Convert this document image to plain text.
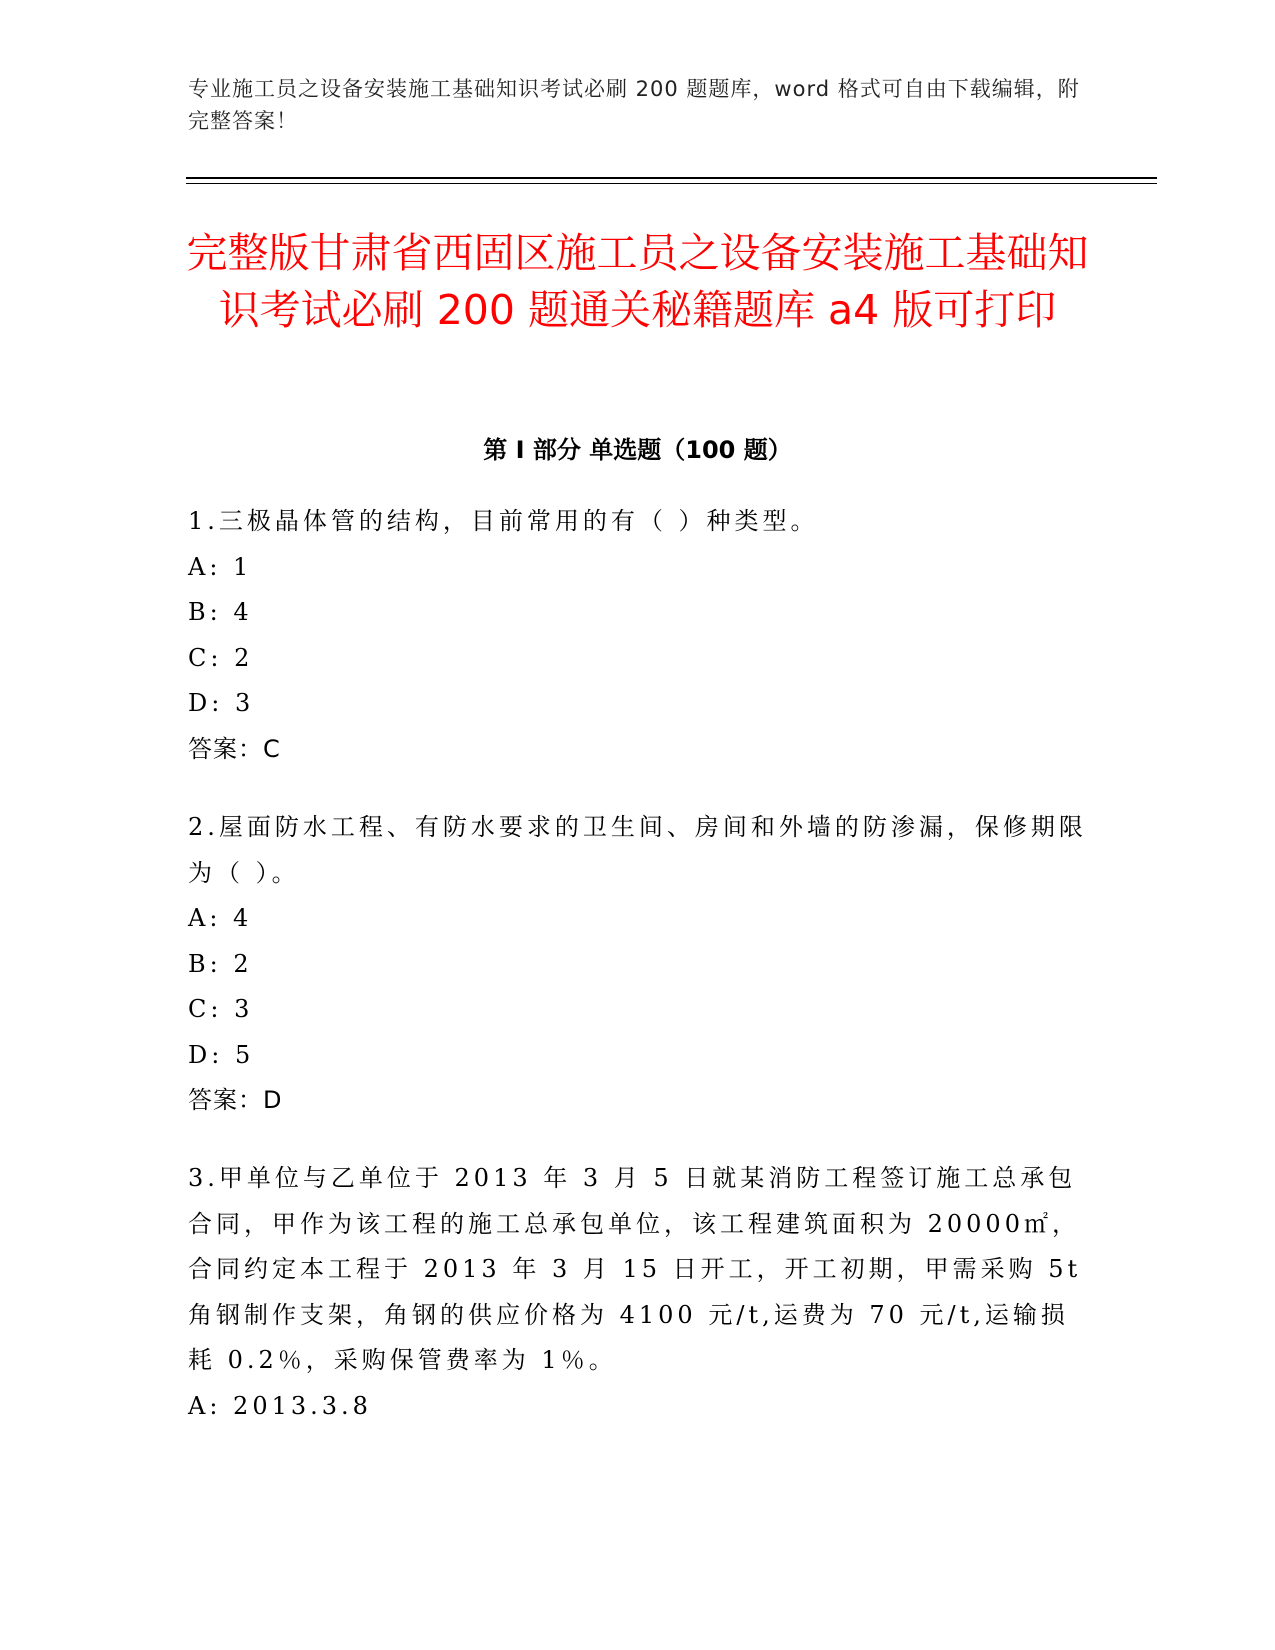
专业施工员之设备安装施工基础知识考试必刷 200 题题库，word 格式可自由下载编辑，附完整答案！
完整版甘肃省西固区施工员之设备安装施工基础知识考试必刷 200 题通关秘籍题库 a4 版可打印
第 I 部分 单选题（100 题）
1.三极晶体管的结构，目前常用的有（ ）种类型。
A: 1
B: 4
C: 2
D: 3
答案：C
2.屋面防水工程、有防水要求的卫生间、房间和外墙的防渗漏，保修期限为（ ）。
A: 4
B: 2
C: 3
D: 5
答案：D
3.甲单位与乙单位于 2013 年 3 月 5 日就某消防工程签订施工总承包合同，甲作为该工程的施工总承包单位，该工程建筑面积为 20000㎡，合同约定本工程于 2013 年 3 月 15 日开工，开工初期，甲需采购 5t 角钢制作支架，角钢的供应价格为 4100 元/t,运费为 70 元/t,运输损耗 0.2％，采购保管费率为 1％。
A: 2013.3.8
